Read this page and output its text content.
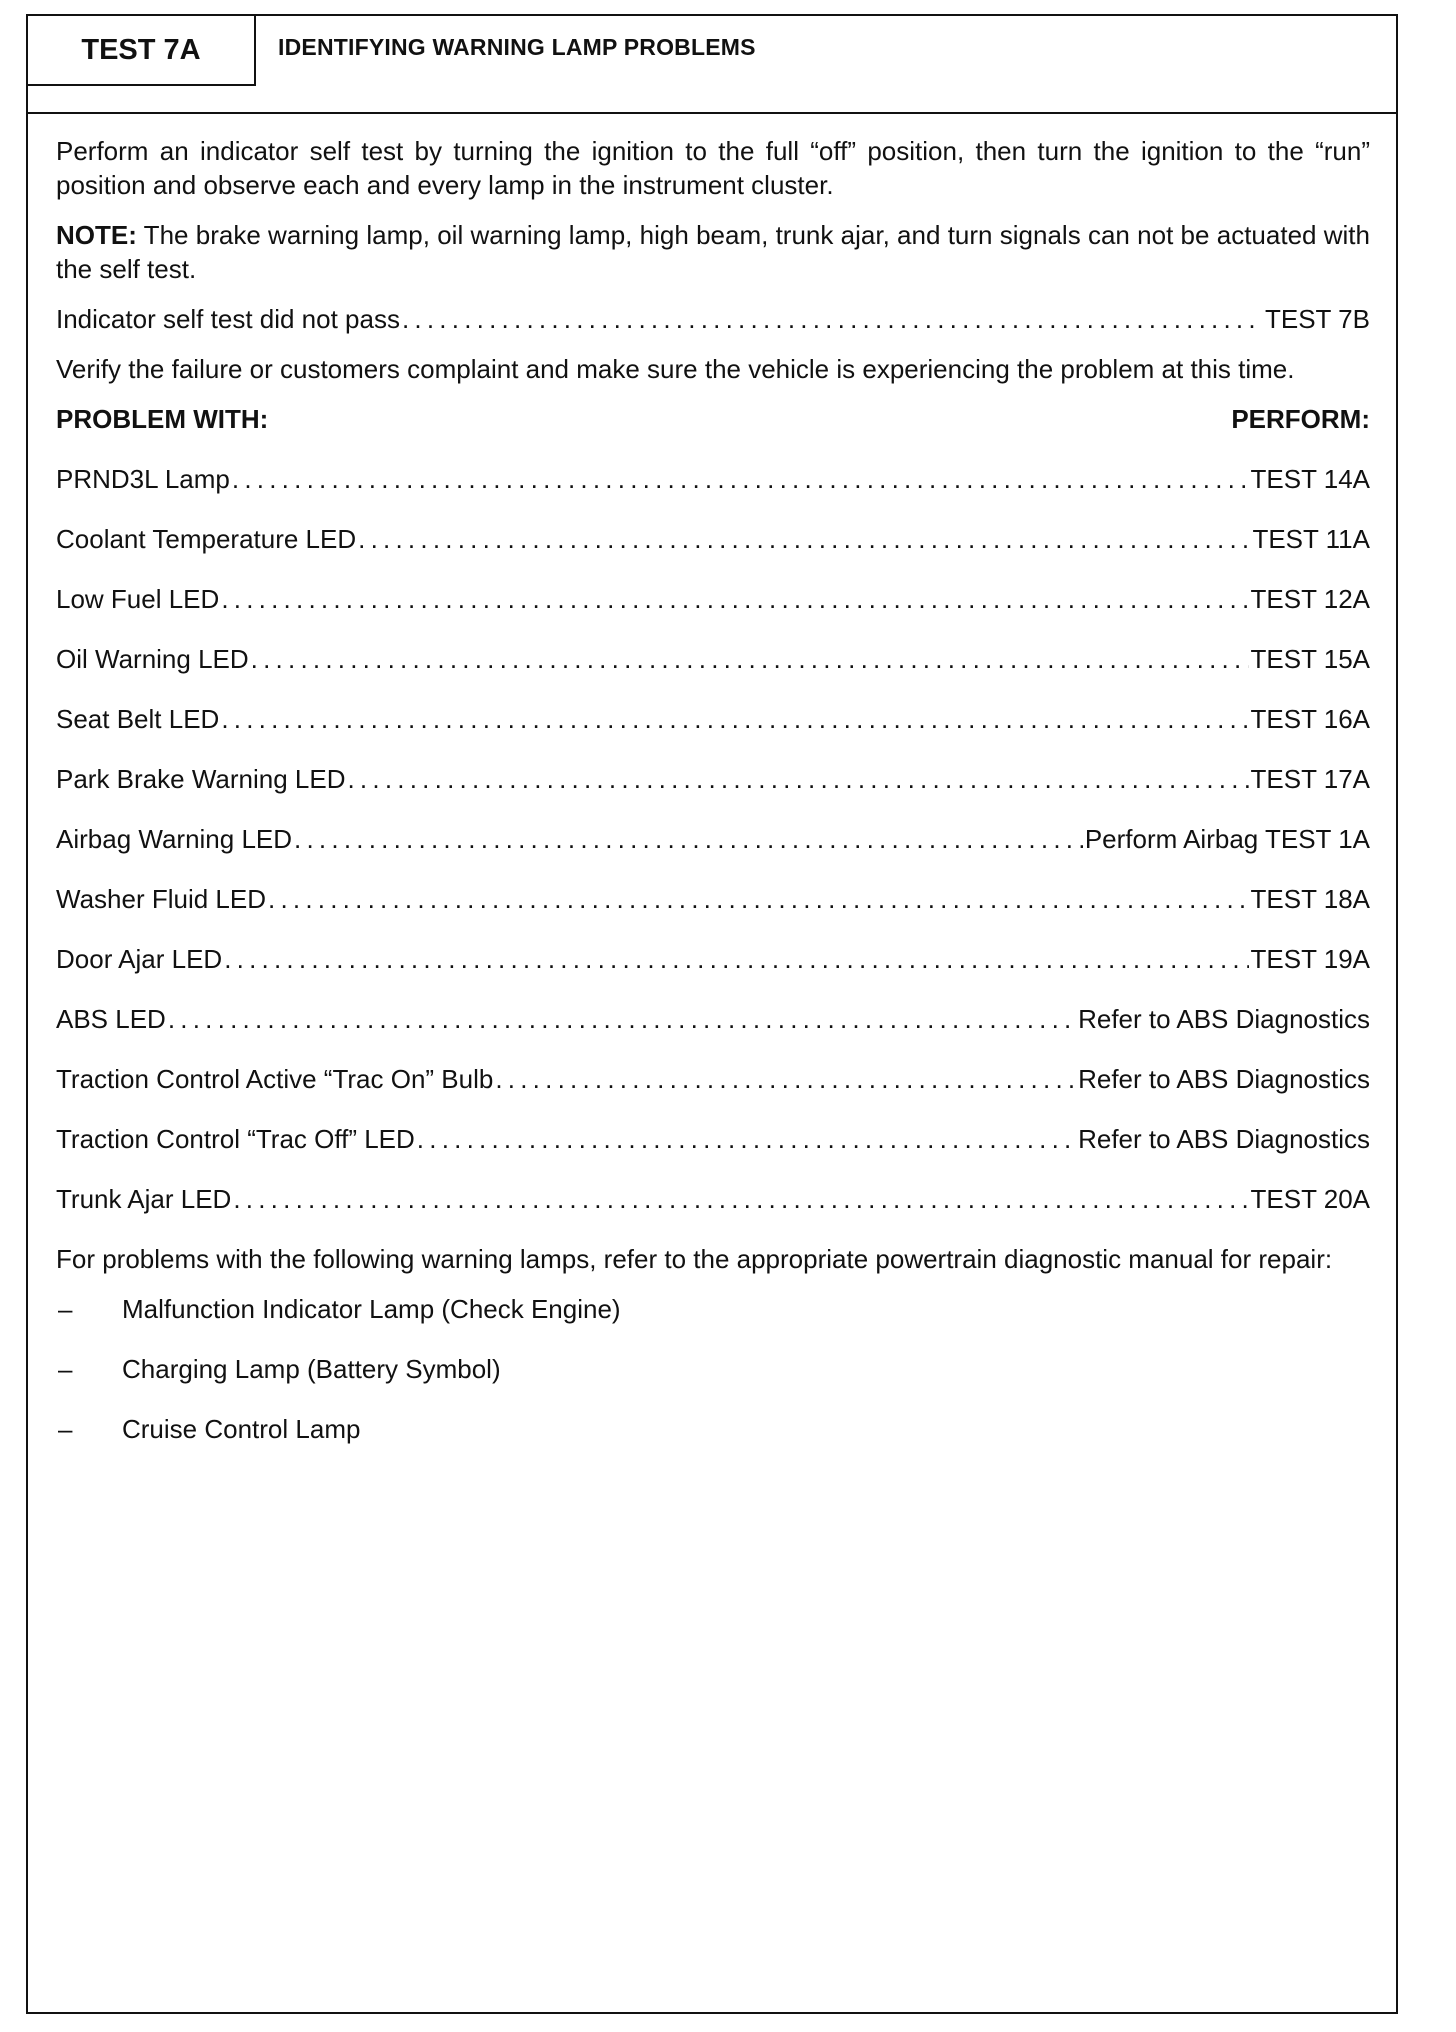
TEST 7A	IDENTIFYING WARNING LAMP PROBLEMS

Perform an indicator self test by turning the ignition to the full “off” position, then turn the ignition to the “run” position and observe each and every lamp in the instrument cluster.

NOTE: The brake warning lamp, oil warning lamp, high beam, trunk ajar, and turn signals can not be actuated with the self test.

Indicator self test did not pass . . .	TEST 7B

Verify the failure or customers complaint and make sure the vehicle is experiencing the problem at this time.

PROBLEM WITH:	PERFORM:
PRND3L Lamp . . .	TEST 14A
Coolant Temperature LED . . .	TEST 11A
Low Fuel LED . . .	TEST 12A
Oil Warning LED . . .	TEST 15A
Seat Belt LED . . .	TEST 16A
Park Brake Warning LED . . .	TEST 17A
Airbag Warning LED . . .	Perform Airbag TEST 1A
Washer Fluid LED . . .	TEST 18A
Door Ajar LED . . .	TEST 19A
ABS LED . . .	Refer to ABS Diagnostics
Traction Control Active “Trac On” Bulb . . .	Refer to ABS Diagnostics
Traction Control “Trac Off” LED . . .	Refer to ABS Diagnostics
Trunk Ajar LED . . .	TEST 20A

For problems with the following warning lamps, refer to the appropriate powertrain diagnostic manual for repair:

–	Malfunction Indicator Lamp (Check Engine)
–	Charging Lamp (Battery Symbol)
–	Cruise Control Lamp
